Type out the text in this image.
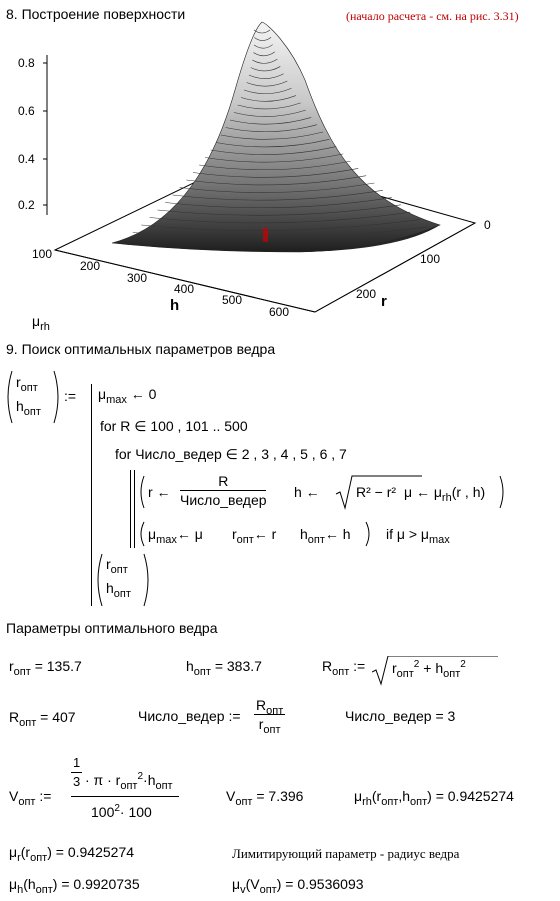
8. Построение поверхности	(начало расчета - см. на рис. 3.31)
0.8
0.6
0.4
0.2
100
200
300
400
500
600
h
0
100
200 r
$\mu_{rh}$
9. Поиск оптимальных параметров ведра
$r_{опт}$
$h_{опт}$
:= $\mu_{max}$ ← 0
for R ∈ 100 , 101 .. 500
for Число_ведер ∈ 2 , 3 , 4 , 5 , 6 , 7
r ←
R
Число_ведер h ←	R² − r² μ ← $\mu_{rh}(r$ , h)
$\mu_{max}\leftarrow$ μ $r_{опт}\leftarrow$ r $h_{опт}\leftarrow$ h	if $\mu > \mu_{max}$
$r_{опт}$
$h_{опт}$
Параметры оптимального ведра
$r_{опт} = 135.7$	$h_{опт} = 383.7$	$R_{опт}$ := $r_{опт}^2 + h_{опт}^2$
$R_{опт} = 407$	Число_ведер :=
$R_{опт}$
$r_{опт}$
Число_ведер = 3
$V_{опт}$ :=
$\frac{1}{3} \cdot \pi \cdot r_{опт}^2\cdot h_{опт}$
$100^2\cdot 100$
$V_{опт} = 7.396$	$\mu_{rh}(r_{опт},h_{опт}) = 0.9425274$
$\mu_r(r_{опт}) = 0.9425274$	Лимитирующий параметр - радиус ведра
$\mu_h(h_{опт}) = 0.9920735$	$\mu_v(V_{опт}) = 0.9536093$
